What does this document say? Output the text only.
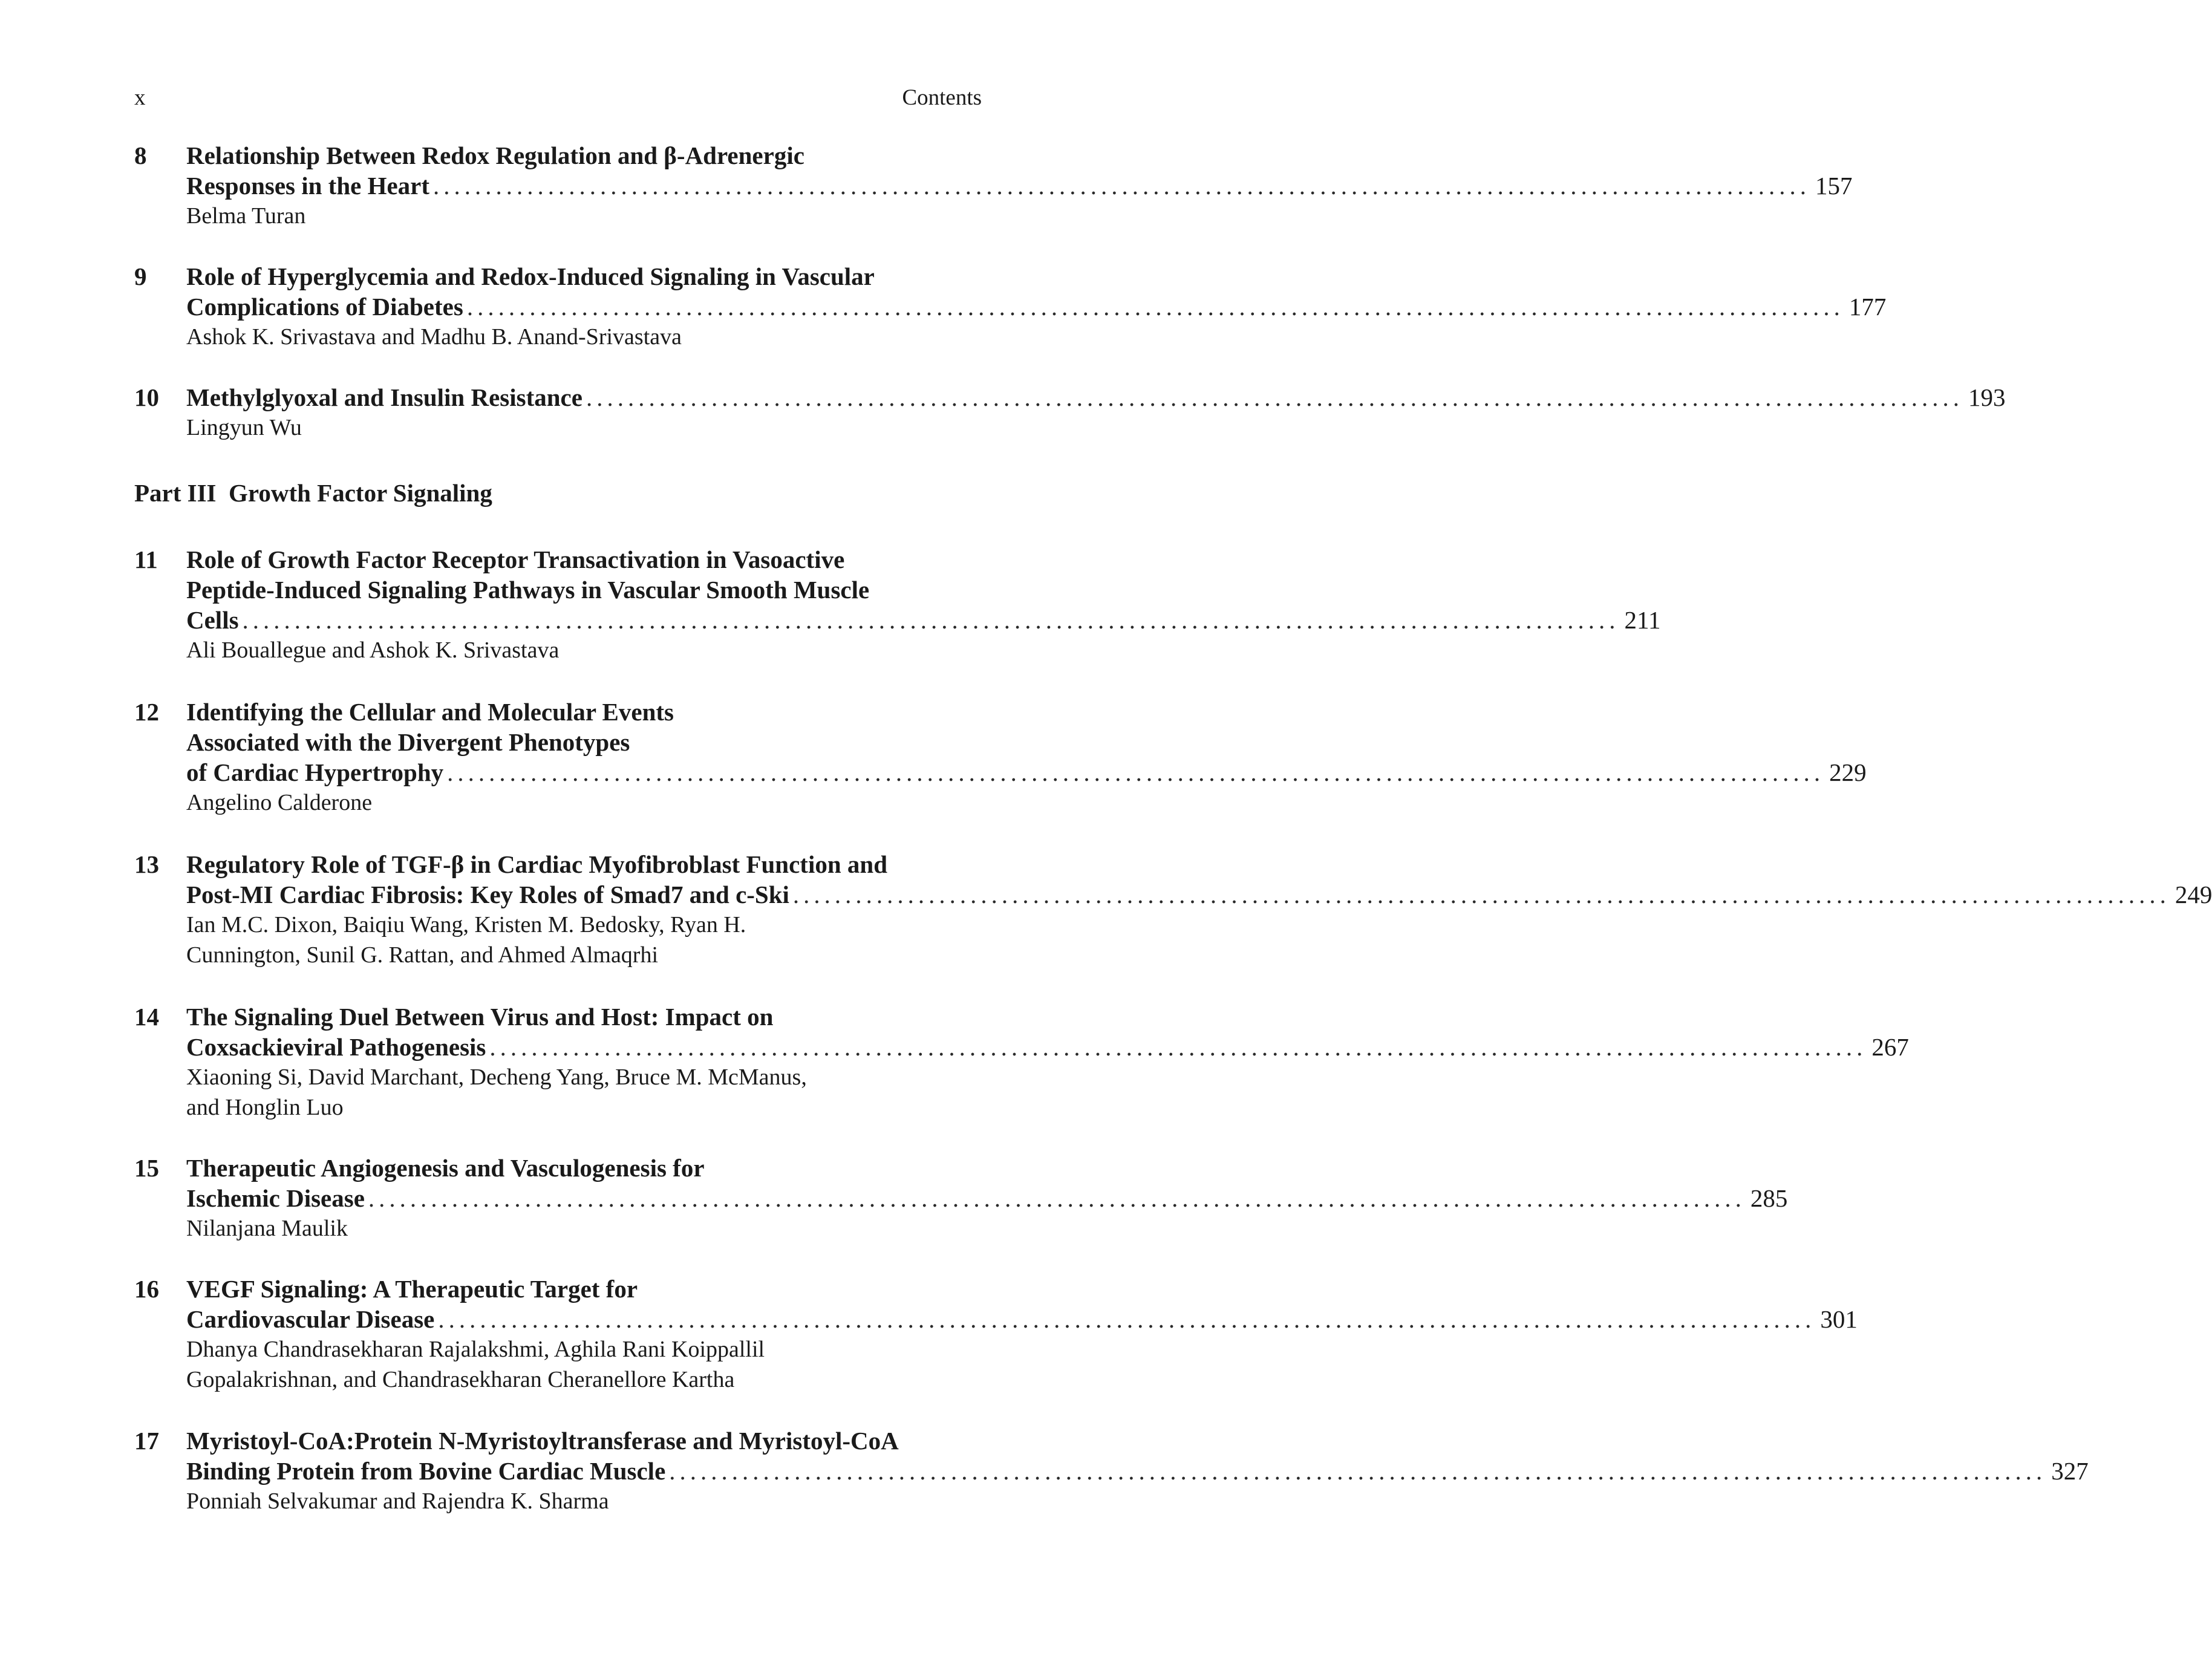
x	Contents
8 Relationship Between Redox Regulation and β-Adrenergic
Responses in the Heart .................................................................................................................................... 157
Belma Turan
9 Role of Hyperglycemia and Redox-Induced Signaling in Vascular
Complications of Diabetes .................................................................................................................................... 177
Ashok K. Srivastava and Madhu B. Anand-Srivastava
10 Methylglyoxal and Insulin Resistance .................................................................................................................................... 193
Lingyun Wu
Part III Growth Factor Signaling
11 Role of Growth Factor Receptor Transactivation in Vasoactive
Peptide-Induced Signaling Pathways in Vascular Smooth Muscle
Cells .................................................................................................................................... 211
Ali Bouallegue and Ashok K. Srivastava
12 Identifying the Cellular and Molecular Events
Associated with the Divergent Phenotypes
of Cardiac Hypertrophy .................................................................................................................................... 229
Angelino Calderone
13 Regulatory Role of TGF-β in Cardiac Myofibroblast Function and
Post-MI Cardiac Fibrosis: Key Roles of Smad7 and c-Ski .................................................................................................................................... 249
Ian M.C. Dixon, Baiqiu Wang, Kristen M. Bedosky, Ryan H.
Cunnington, Sunil G. Rattan, and Ahmed Almaqrhi
14 The Signaling Duel Between Virus and Host: Impact on
Coxsackieviral Pathogenesis .................................................................................................................................... 267
Xiaoning Si, David Marchant, Decheng Yang, Bruce M. McManus,
and Honglin Luo
15 Therapeutic Angiogenesis and Vasculogenesis for
Ischemic Disease .................................................................................................................................... 285
Nilanjana Maulik
16 VEGF Signaling: A Therapeutic Target for
Cardiovascular Disease .................................................................................................................................... 301
Dhanya Chandrasekharan Rajalakshmi, Aghila Rani Koippallil
Gopalakrishnan, and Chandrasekharan Cheranellore Kartha
17 Myristoyl-CoA:Protein N-Myristoyltransferase and Myristoyl-CoA
Binding Protein from Bovine Cardiac Muscle .................................................................................................................................... 327
Ponniah Selvakumar and Rajendra K. Sharma
